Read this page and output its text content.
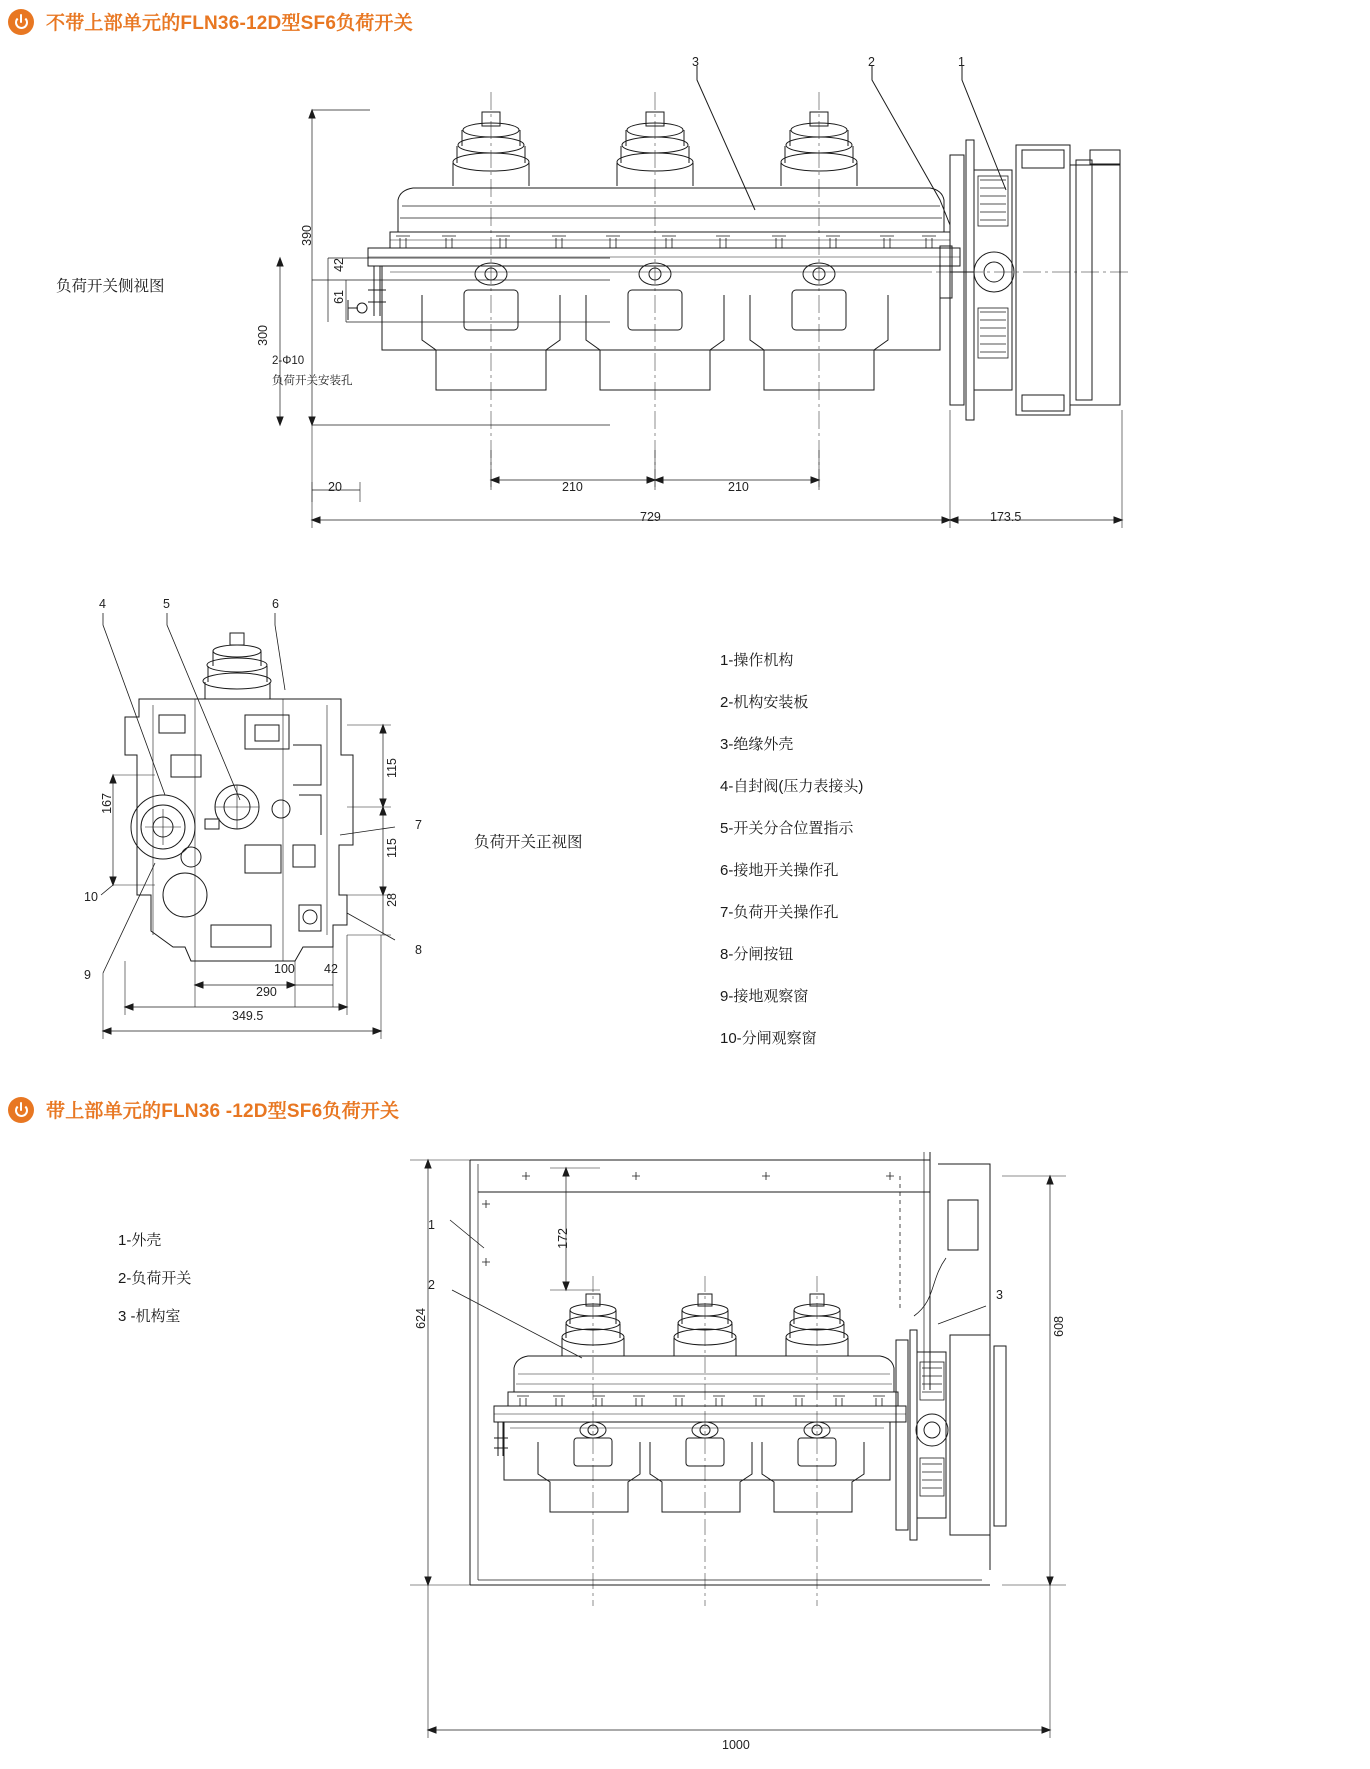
不带上部单元的FLN36-12D型SF6负荷开关
3	2	1
390
42
61
300
2-Φ10
负荷开关安装孔
20	210	210
729	173.5
负荷开关侧视图
4	5	6
7
8
9
10
167
115
115
28
100 42
290
349.5
负荷开关正视图
1-操作机构
2-机构安装板
3-绝缘外壳
4-自封阀(压力表接头)
5-开关分合位置指示
6-接地开关操作孔
7-负荷开关操作孔
8-分闸按钮
9-接地观察窗
10-分闸观察窗
带上部单元的FLN36 -12D型SF6负荷开关
1-外壳
2-负荷开关
3 -机构室
1
2
3
172
624	608
1000
